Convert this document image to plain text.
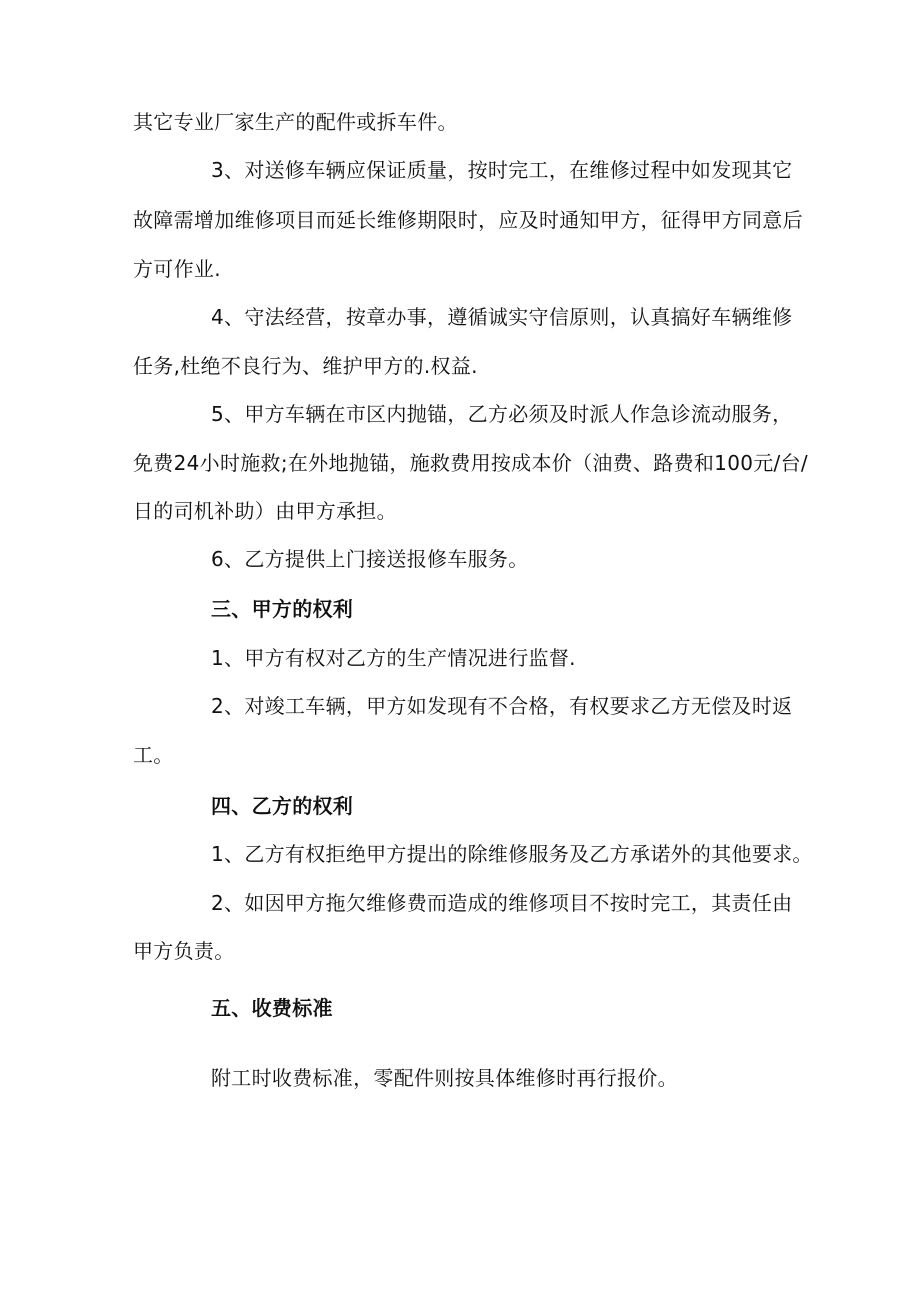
其它专业厂家生产的配件或拆车件。
3、对送修车辆应保证质量，按时完工，在维修过程中如发现其它
故障需增加维修项目而延长维修期限时，应及时通知甲方，征得甲方同意后
方可作业.
4、守法经营，按章办事，遵循诚实守信原则，认真搞好车辆维修
任务,杜绝不良行为、维护甲方的.权益.
5、甲方车辆在市区内抛锚，乙方必须及时派人作急诊流动服务，
免费24小时施救;在外地抛锚，施救费用按成本价（油费、路费和100元/台/
日的司机补助）由甲方承担。
6、乙方提供上门接送报修车服务。
三、甲方的权利
1、甲方有权对乙方的生产情况进行监督.
2、对竣工车辆，甲方如发现有不合格，有权要求乙方无偿及时返
工。
四、乙方的权利
1、乙方有权拒绝甲方提出的除维修服务及乙方承诺外的其他要求。
2、如因甲方拖欠维修费而造成的维修项目不按时完工，其责任由
甲方负责。
五、收费标准
附工时收费标准，零配件则按具体维修时再行报价。
